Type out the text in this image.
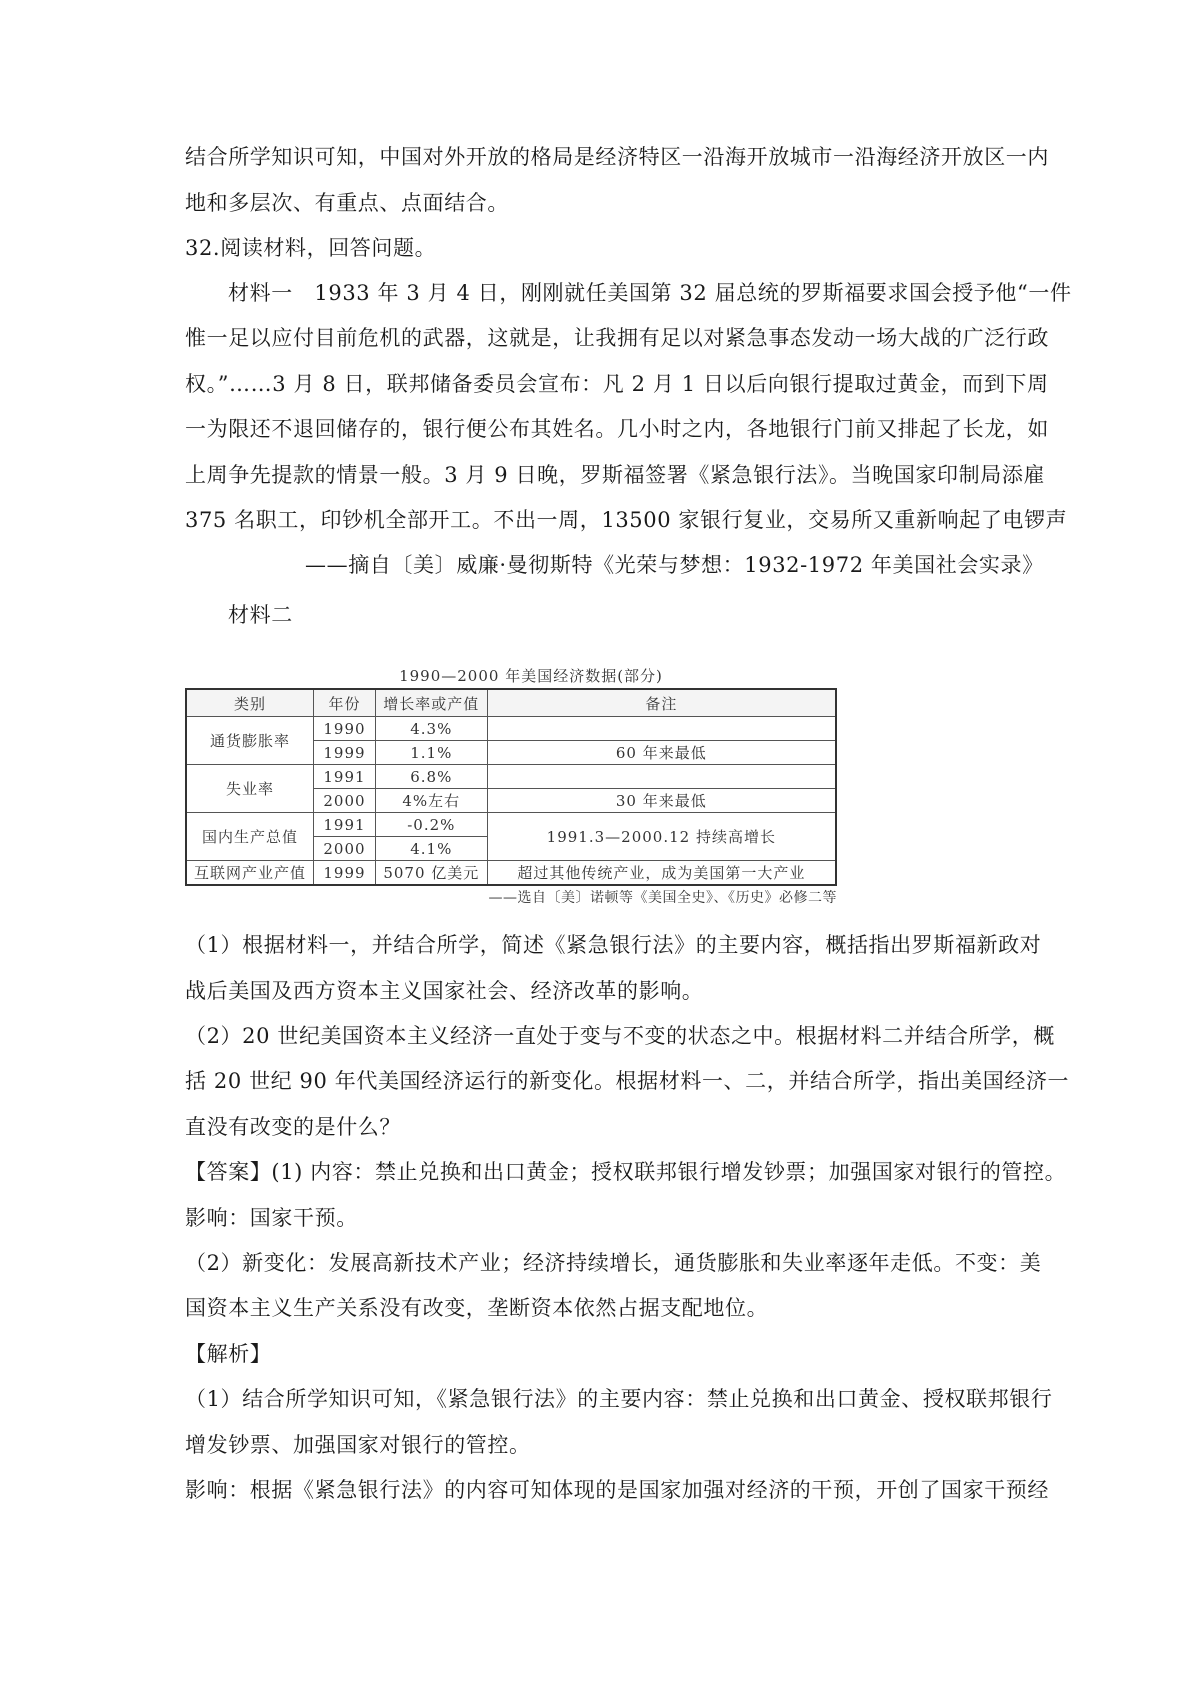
结合所学知识可知，中国对外开放的格局是经济特区一沿海开放城市一沿海经济开放区一内
地和多层次、有重点、点面结合。
32.阅读材料，回答问题。
材料一　1933 年 3 月 4 日，刚刚就任美国第 32 届总统的罗斯福要求国会授予他“一件
惟一足以应付目前危机的武器，这就是，让我拥有足以对紧急事态发动一场大战的广泛行政
权。”……3 月 8 日，联邦储备委员会宣布：凡 2 月 1 日以后向银行提取过黄金，而到下周
一为限还不退回储存的，银行便公布其姓名。几小时之内，各地银行门前又排起了长龙，如
上周争先提款的情景一般。3 月 9 日晚，罗斯福签署《紧急银行法》。当晚国家印制局添雇
375 名职工，印钞机全部开工。不出一周，13500 家银行复业，交易所又重新响起了电锣声
——摘自〔美〕威廉·曼彻斯特《光荣与梦想：1932-1972 年美国社会实录》
材料二
1990—2000 年美国经济数据(部分)
类别	年份	增长率或产值	备注
通货膨胀率	1990	4.3%	
	1999	1.1%	60 年来最低
失业率	1991	6.8%	
	2000	4%左右	30 年来最低
国内生产总值	1991	-0.2%	1991.3—2000.12 持续高增长
	2000	4.1%	
互联网产业产值	1999	5070 亿美元	超过其他传统产业，成为美国第一大产业
——选自〔美〕诺顿等《美国全史》、《历史》必修二等
（1）根据材料一，并结合所学，简述《紧急银行法》的主要内容，概括指出罗斯福新政对
战后美国及西方资本主义国家社会、经济改革的影响。
（2）20 世纪美国资本主义经济一直处于变与不变的状态之中。根据材料二并结合所学，概
括 20 世纪 90 年代美国经济运行的新变化。根据材料一、二，并结合所学，指出美国经济一
直没有改变的是什么？
【答案】(1) 内容：禁止兑换和出口黄金；授权联邦银行增发钞票；加强国家对银行的管控。
影响：国家干预。
（2）新变化：发展高新技术产业；经济持续增长，通货膨胀和失业率逐年走低。不变：美
国资本主义生产关系没有改变，垄断资本依然占据支配地位。
【解析】
（1）结合所学知识可知，《紧急银行法》的主要内容：禁止兑换和出口黄金、授权联邦银行
增发钞票、加强国家对银行的管控。
影响：根据《紧急银行法》的内容可知体现的是国家加强对经济的干预，开创了国家干预经
